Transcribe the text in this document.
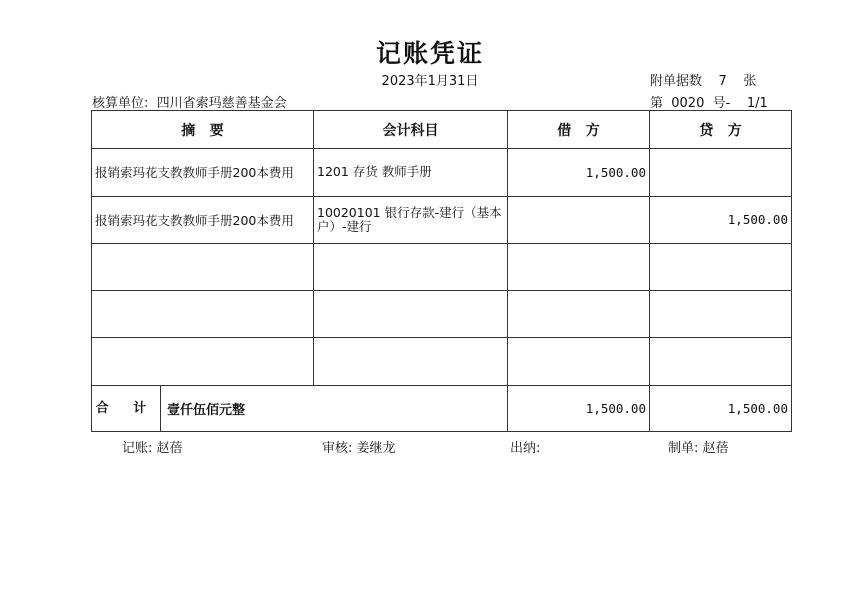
记账凭证
2023年1月31日	附单据数    7    张
核算单位: 四川省索玛慈善基金会	第  0020  号-    1/1
摘   要	会计科目	借   方	贷   方
报销索玛花支教教师手册200本费用	1201 存货 教师手册	1,500.00	
报销索玛花支教教师手册200本费用	10020101 银行存款-建行（基本户）-建行		1,500.00

合 计 壹仟伍佰元整		1,500.00	1,500.00
记账: 赵蓓	审核: 姜继龙	出纳:	制单: 赵蓓
